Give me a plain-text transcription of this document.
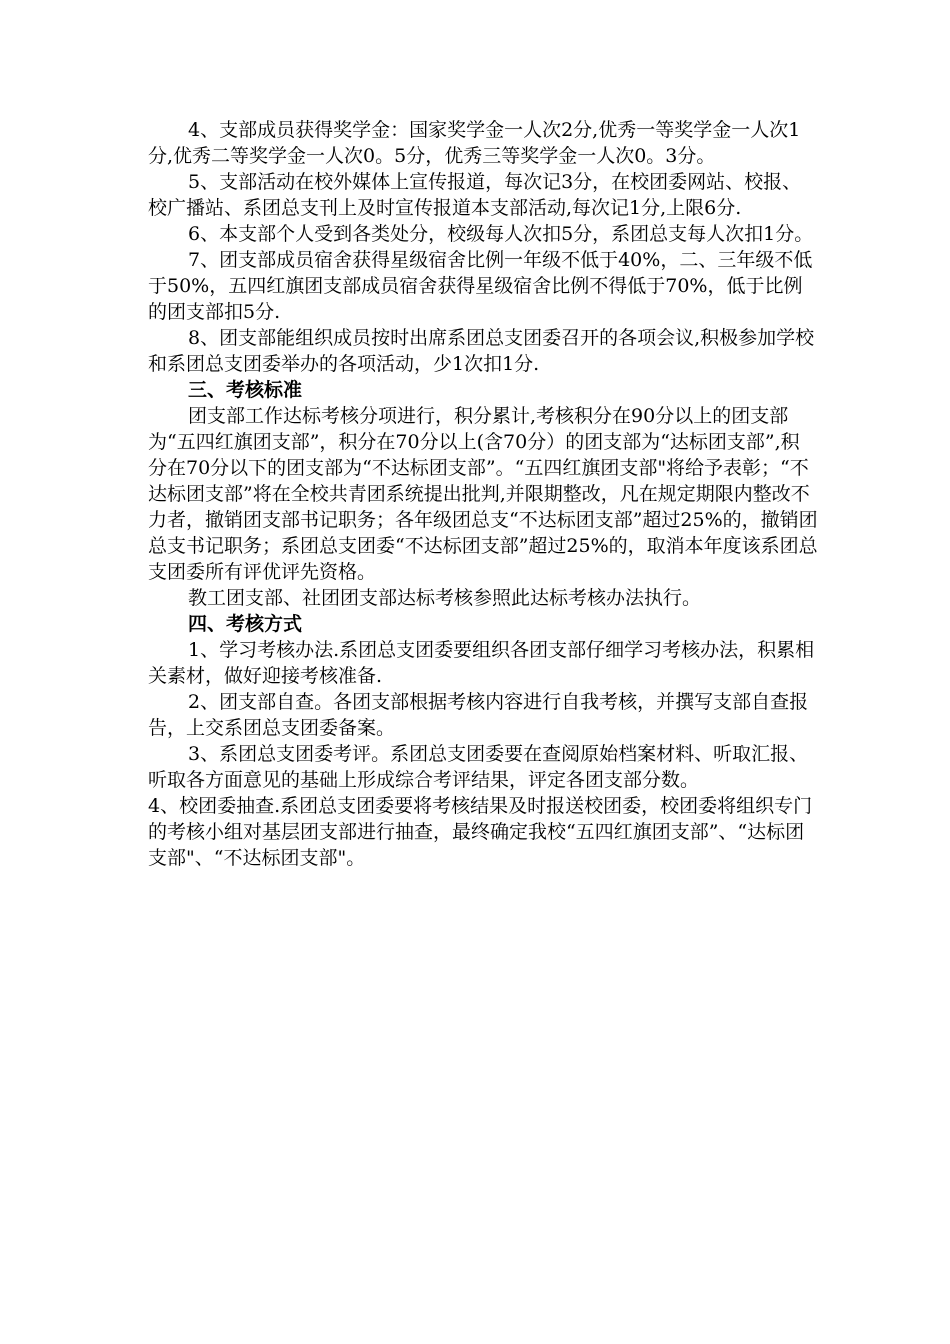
4、支部成员获得奖学金：国家奖学金一人次2分,优秀一等奖学金一人次1分,优秀二等奖学金一人次0。5分，优秀三等奖学金一人次0。3分。

5、支部活动在校外媒体上宣传报道，每次记3分，在校团委网站、校报、校广播站、系团总支刊上及时宣传报道本支部活动,每次记1分,上限6分.

6、本支部个人受到各类处分，校级每人次扣5分，系团总支每人次扣1分。

7、团支部成员宿舍获得星级宿舍比例一年级不低于40%，二、三年级不低于50%，五四红旗团支部成员宿舍获得星级宿舍比例不得低于70%，低于比例的团支部扣5分.

8、团支部能组织成员按时出席系团总支团委召开的各项会议,积极参加学校和系团总支团委举办的各项活动，少1次扣1分.

三、考核标准

团支部工作达标考核分项进行，积分累计,考核积分在90分以上的团支部为“五四红旗团支部”，积分在70分以上(含70分）的团支部为“达标团支部”,积分在70分以下的团支部为“不达标团支部”。“五四红旗团支部"将给予表彰；“不达标团支部”将在全校共青团系统提出批判,并限期整改，凡在规定期限内整改不力者，撤销团支部书记职务；各年级团总支“不达标团支部”超过25%的，撤销团总支书记职务；系团总支团委“不达标团支部”超过25%的，取消本年度该系团总支团委所有评优评先资格。

教工团支部、社团团支部达标考核参照此达标考核办法执行。

四、考核方式

1、学习考核办法.系团总支团委要组织各团支部仔细学习考核办法，积累相关素材，做好迎接考核准备.

2、团支部自查。各团支部根据考核内容进行自我考核，并撰写支部自查报告，上交系团总支团委备案。

3、系团总支团委考评。系团总支团委要在查阅原始档案材料、听取汇报、听取各方面意见的基础上形成综合考评结果，评定各团支部分数。

4、校团委抽查.系团总支团委要将考核结果及时报送校团委，校团委将组织专门的考核小组对基层团支部进行抽查，最终确定我校“五四红旗团支部”、“达标团支部"、“不达标团支部"。
